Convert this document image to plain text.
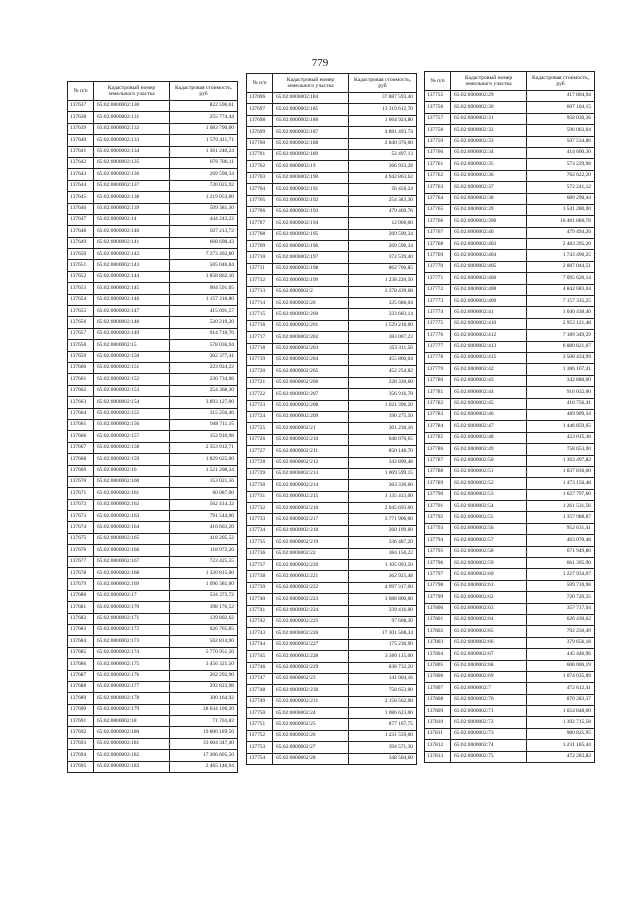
779
№ п/п	Кадастровый номер земельного участка	Кадастровая стоимость, руб
137637	65:02:0000002:130	822 596,61
137638	65:02:0000002:131	255 774,44
137639	65:02:0000002:132	1 083 790,00
137640	65:02:0000002:133	1 570 411,71
137641	65:02:0000002:134	1 361 240,24
137642	65:02:0000002:135	876 786,11
137643	65:02:0000002:136	269 590,34
137644	65:02:0000002:137	720 025,92
137645	65:02:0000002:138	1 219 053,00
137646	65:02:0000002:139	509 381,30
137647	65:02:0000002:14	444 243,22
137648	65:02:0000002:140	507 213,72
137649	65:02:0000002:141	668 698,43
137650	65:02:0000002:142	7 273 492,80
137651	65:02:0000002:143	505 046,84
137652	65:02:0000002:144	1 858 862,10
137653	65:02:0000002:145	904 591,05
137654	65:02:0000002:146	1 157 318,80
137655	65:02:0000002:147	415 091,57
137656	65:02:0000002:148	520 219,20
137657	65:02:0000002:149	914 718,76
137658	65:02:0000002:15	578 036,94
137659	65:02:0000002:150	302 377,41
137660	65:02:0000002:151	223 924,22
137661	65:02:0000002:152	230 734,08
137662	65:02:0000002:153	254 368,30
137663	65:02:0000002:154	3 893 127,00
137664	65:02:0000002:155	315 256,46
137665	65:02:0000002:156	948 711,15
137666	65:02:0000002:157	352 910,98
137667	65:02:0000002:158	2 353 912,71
137668	65:02:0000002:159	1 829 625,00
137669	65:02:0000002:16	1 521 208,24
137670	65:02:0000002:160	153 021,56
137671	65:02:0000002:161	60 087,00
137672	65:02:0000002:162	562 414,32
137673	65:02:0000002:163	791 544,00
137674	65:02:0000002:164	416 603,20
137675	65:02:0000002:165	418 205,52
137676	65:02:0000002:166	118 972,26
137677	65:02:0000002:167	723 425,55
137678	65:02:0000002:168	1 320 815,00
137679	65:02:0000002:169	1 096 381,00
137680	65:02:0000002:17	534 373,72
137681	65:02:0000002:170	398 176,52
137682	65:02:0000002:171	139 802,62
137683	65:02:0000002:172	626 765,85
137684	65:02:0000002:173	562 814,90
137685	65:02:0000002:174	5 770 951,50
137686	65:02:0000002:175	3 456 321,50
137687	65:02:0000002:176	202 292,90
137688	65:02:0000002:177	292 823,98
137689	65:02:0000002:178	300 164,92
137690	65:02:0000002:179	28 634 100,20
137691	65:02:0000002:18	71 703,82
137692	65:02:0000002:180	19 800 189,50
137693	65:02:0000002:181	33 604 347,40
137694	65:02:0000002:182	17 306 605,50
137695	65:02:0000002:183	2 465 146,94
№ п/п	Кадастровый номер земельного участка	Кадастровая стоимость, руб
137696	65:02:0000002:184	37 887 593,40
137697	65:02:0000002:185	13 319 612,70
137698	65:02:0000002:186	1 664 924,80
137699	65:02:0000002:187	4 881 493,74
137700	65:02:0000002:188	2 840 376,00
137701	65:02:0000002:189	52 497,13
137702	65:02:0000002:19	366 933,28
137703	65:02:0000002:190	4 942 863,62
137704	65:02:0000002:191	56 450,24
137705	65:02:0000002:192	254 383,36
137706	65:02:0000002:193	479 469,76
137707	65:02:0000002:194	12 000,00
137708	65:02:0000002:195	269 590,34
137709	65:02:0000002:196	269 590,34
137710	65:02:0000002:197	372 539,40
137711	65:02:0000002:198	862 706,85
137712	65:02:0000002:199	1 238 220,50
137713	65:02:0000002:2	3 378 439,68
137714	65:02:0000002:20	335 686,04
137715	65:02:0000002:200	333 683,14
137716	65:02:0000002:201	1 529 218,00
137717	65:02:0000002:202	383 007,23
137718	65:02:0000002:203	353 311,56
137719	65:02:0000002:204	455 860,04
137720	65:02:0000002:205	452 254,82
137721	65:02:0000002:206	228 330,60
137722	65:02:0000002:207	356 916,78
137723	65:02:0000002:208	1 021 396,20
137724	65:02:0000002:209	190 275,50
137725	65:02:0000002:21	301 236,16
137726	65:02:0000002:210	648 076,65
137727	65:02:0000002:211	850 148,70
137728	65:02:0000002:212	342 890,48
137729	65:02:0000002:213	1 009 599,15
137730	65:02:0000002:214	363 336,66
137731	65:02:0000002:215	1 135 413,00
137732	65:02:0000002:216	2 045 693,00
137733	65:02:0000002:217	3 771 906,00
137734	65:02:0000002:218	260 109,60
137735	65:02:0000002:219	336 487,20
137736	65:02:0000002:22	384 156,22
137737	65:02:0000002:220	1 105 093,50
137738	65:02:0000002:221	362 925,48
137739	65:02:0000002:222	4 997 317,00
137740	65:02:0000002:223	3 088 800,00
137741	65:02:0000002:224	339 416,00
137742	65:02:0000002:225	97 608,30
137743	65:02:0000002:226	17 301 508,34
137744	65:02:0000002:227	175 236,90
137745	65:02:0000002:228	3 300 115,00
137746	65:02:0000002:229	838 732,20
137747	65:02:0000002:23	141 004,16
137748	65:02:0000002:230	758 653,00
137749	65:02:0000002:231	2 156 562,08
137750	65:02:0000002:24	1 086 623,00
137751	65:02:0000002:25	877 167,75
137752	65:02:0000002:26	1 231 559,00
137753	65:02:0000002:27	394 571,30
137754	65:02:0000002:28	348 504,60
№ п/п	Кадастровый номер земельного участка	Кадастровая стоимость, руб
137755	65:02:0000002:29	417 804,94
137756	65:02:0000002:30	607 104,15
137757	65:02:0000002:31	958 030,36
137758	65:02:0000002:32	596 063,04
137759	65:02:0000002:33	507 534,86
137760	65:02:0000002:34	414 600,30
137761	65:02:0000002:35	573 229,98
137762	65:02:0000002:36	762 622,20
137763	65:02:0000002:37	572 241,12
137764	65:02:0000002:38	689 290,44
137765	65:02:0000002:39	1 541 280,00
137766	65:02:0000002:390	16 481 880,78
137767	65:02:0000002:40	479 494,26
137768	65:02:0000002:403	2 483 395,20
137769	65:02:0000002:404	1 743 496,25
137770	65:02:0000002:405	2 087 044,51
137771	65:02:0000002:406	7 095 620,14
137772	65:02:0000002:408	4 842 683,04
137773	65:02:0000002:409	7 157 335,25
137774	65:02:0000002:41	1 040 438,40
137775	65:02:0000002:410	2 953 121,48
137776	65:02:0000002:412	7 189 349,29
137777	65:02:0000002:413	6 880 821,07
137778	65:02:0000002:415	3 508 434,99
137779	65:02:0000002:42	1 386 167,41
137780	65:02:0000002:43	342 880,00
137781	65:02:0000002:44	916 032,00
137782	65:02:0000002:45	410 756,41
137783	65:02:0000002:46	489 909,34
137784	65:02:0000002:47	1 446 859,65
137785	65:02:0000002:48	423 015,38
137786	65:02:0000002:49	758 653,00
137787	65:02:0000002:50	1 363 497,82
137788	65:02:0000002:51	1 837 836,00
137789	65:02:0000002:52	1 473 156,48
137790	65:02:0000002:53	1 627 797,60
137791	65:02:0000002:54	1 261 531,56
137792	65:02:0000002:55	1 357 988,87
137793	65:02:0000002:56	952 631,41
137794	65:02:0000002:57	463 070,48
137795	65:02:0000002:58	671 949,80
137796	65:02:0000002:59	661 395,90
137797	65:02:0000002:60	1 227 934,07
137798	65:02:0000002:61	509 710,98
137799	65:02:0000002:62	720 720,35
137800	65:02:0000002:63	357 717,94
137801	65:02:0000002:64	626 430,62
137802	65:02:0000002:65	792 250,49
137803	65:02:0000002:66	379 656,18
137804	65:02:0000002:67	445 446,96
137805	65:02:0000002:68	608 006,19
137806	65:02:0000002:69	1 074 035,89
137807	65:02:0000002:7	472 612,41
137808	65:02:0000002:70	870 283,37
137809	65:02:0000002:71	1 654 848,00
137810	65:02:0000002:72	1 302 715,58
137811	65:02:0000002:73	980 825,95
137812	65:02:0000002:74	1 231 185,44
137813	65:02:0000002:75	472 283,82
